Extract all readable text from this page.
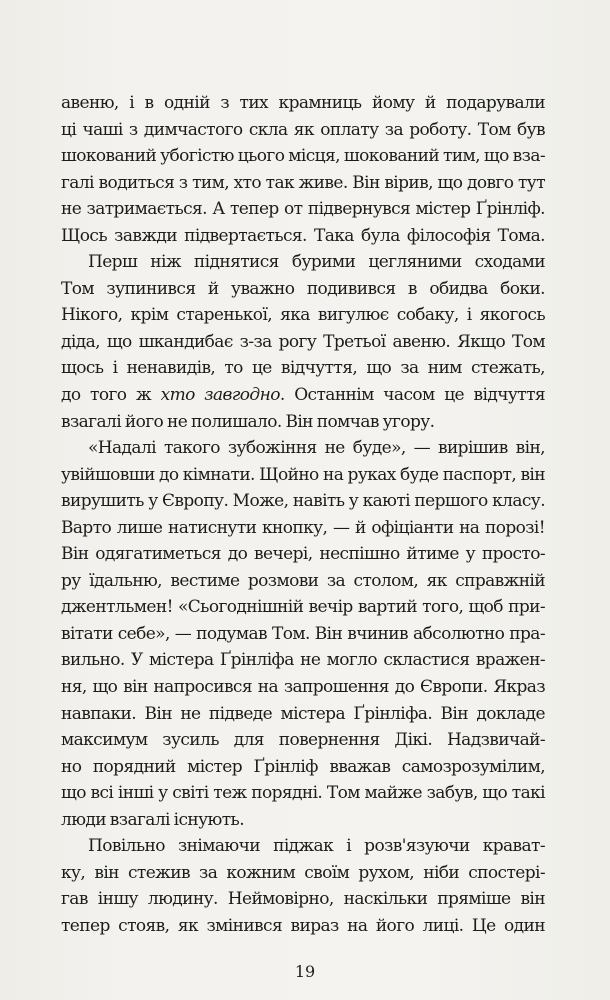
авеню, і в одній з тих крамниць йому й подарували
ці чаші з димчастого скла як оплату за роботу. Том був
шокований убогістю цього місця, шокований тим, що вза-
галі водиться з тим, хто так живе. Він вірив, що довго тут
не затримається. А тепер от підвернувся містер Ґрінліф.
Щось завжди підвертається. Така була філософія Тома.
Перш ніж піднятися бурими цегляними сходами
Том зупинився й уважно подивився в обидва боки.
Нікого, крім старенької, яка вигулює собаку, і якогось
діда, що шкандибає з-за рогу Третьої авеню. Якщо Том
щось і ненавидів, то це відчуття, що за ним стежать,
до того ж хто завгодно. Останнім часом це відчуття
взагалі його не полишало. Він помчав угору.
«Надалі такого зубожіння не буде», — вирішив він,
увійшовши до кімнати. Щойно на руках буде паспорт, він
вирушить у Європу. Може, навіть у каюті першого класу.
Варто лише натиснути кнопку, — й офіціанти на порозі!
Він одягатиметься до вечері, неспішно йтиме у просто-
ру їдальню, вестиме розмови за столом, як справжній
джентльмен! «Сьогоднішній вечір вартий того, щоб при-
вітати себе», — подумав Том. Він вчинив абсолютно пра-
вильно. У містера Ґрінліфа не могло скластися вражен-
ня, що він напросився на запрошення до Європи. Якраз
навпаки. Він не підведе містера Ґрінліфа. Він докладе
максимум зусиль для повернення Дікі. Надзвичай-
но порядний містер Ґрінліф вважав самозрозумілим,
що всі інші у світі теж порядні. Том майже забув, що такі
люди взагалі існують.
Повільно знімаючи піджак і розв'язуючи крават-
ку, він стежив за кожним своїм рухом, ніби спостері-
гав іншу людину. Неймовірно, наскільки пряміше він
тепер стояв, як змінився вираз на його лиці. Це один
19
